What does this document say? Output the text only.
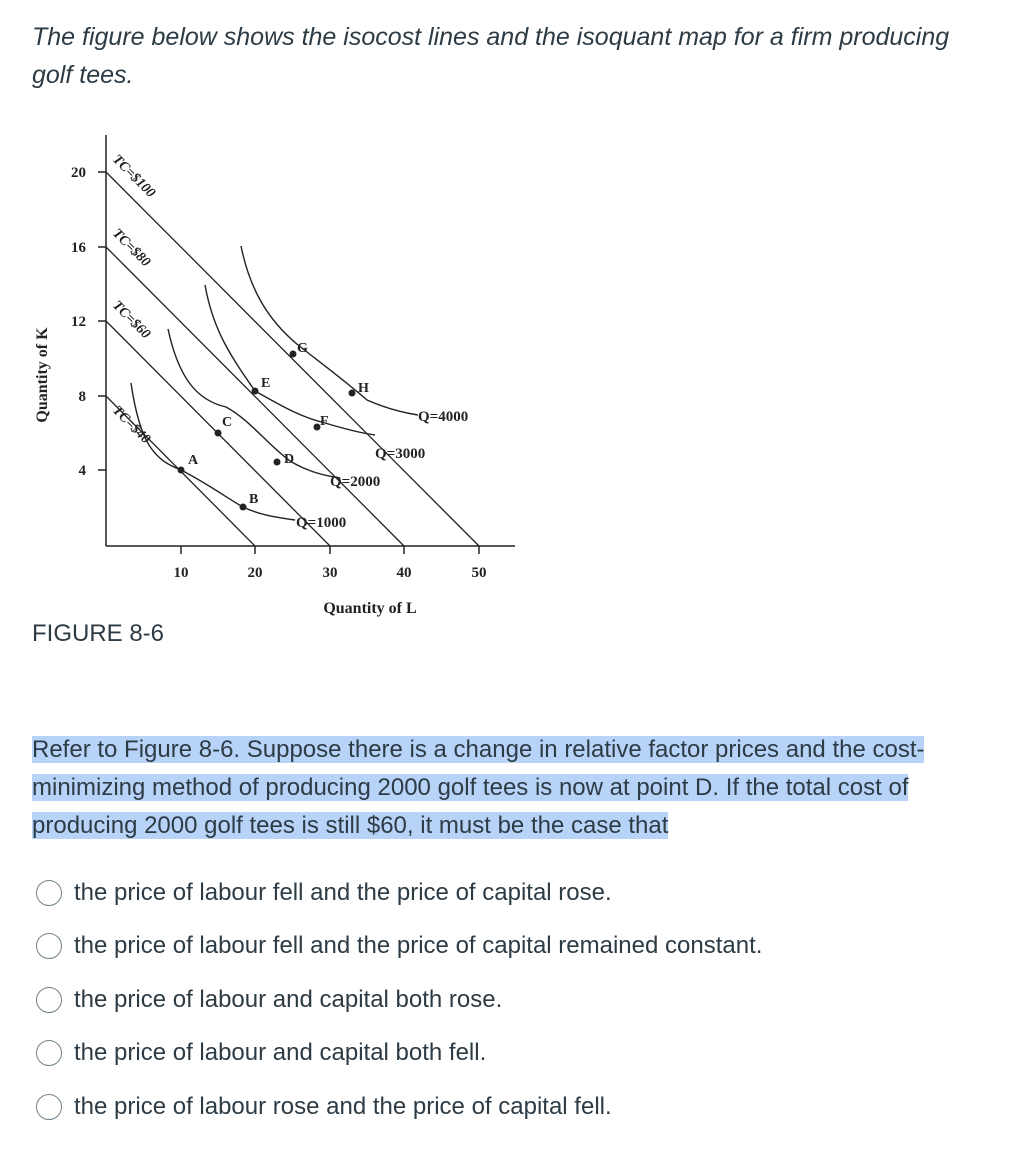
The figure below shows the isocost lines and the isoquant map for a firm producing golf tees.

20
16
12
8
4
10	20	30	40	50
Quantity of L
Quantity of K
TC=$100
TC=$80
TC=$60
TC=$40
Q=1000
Q=2000
Q=3000
Q=4000
A
B
C
D
E
F
G
H

FIGURE 8-6

Refer to Figure 8-6. Suppose there is a change in relative factor prices and the cost-minimizing method of producing 2000 golf tees is now at point D. If the total cost of producing 2000 golf tees is still $60, it must be the case that

the price of labour fell and the price of capital rose.
the price of labour fell and the price of capital remained constant.
the price of labour and capital both rose.
the price of labour and capital both fell.
the price of labour rose and the price of capital fell.
